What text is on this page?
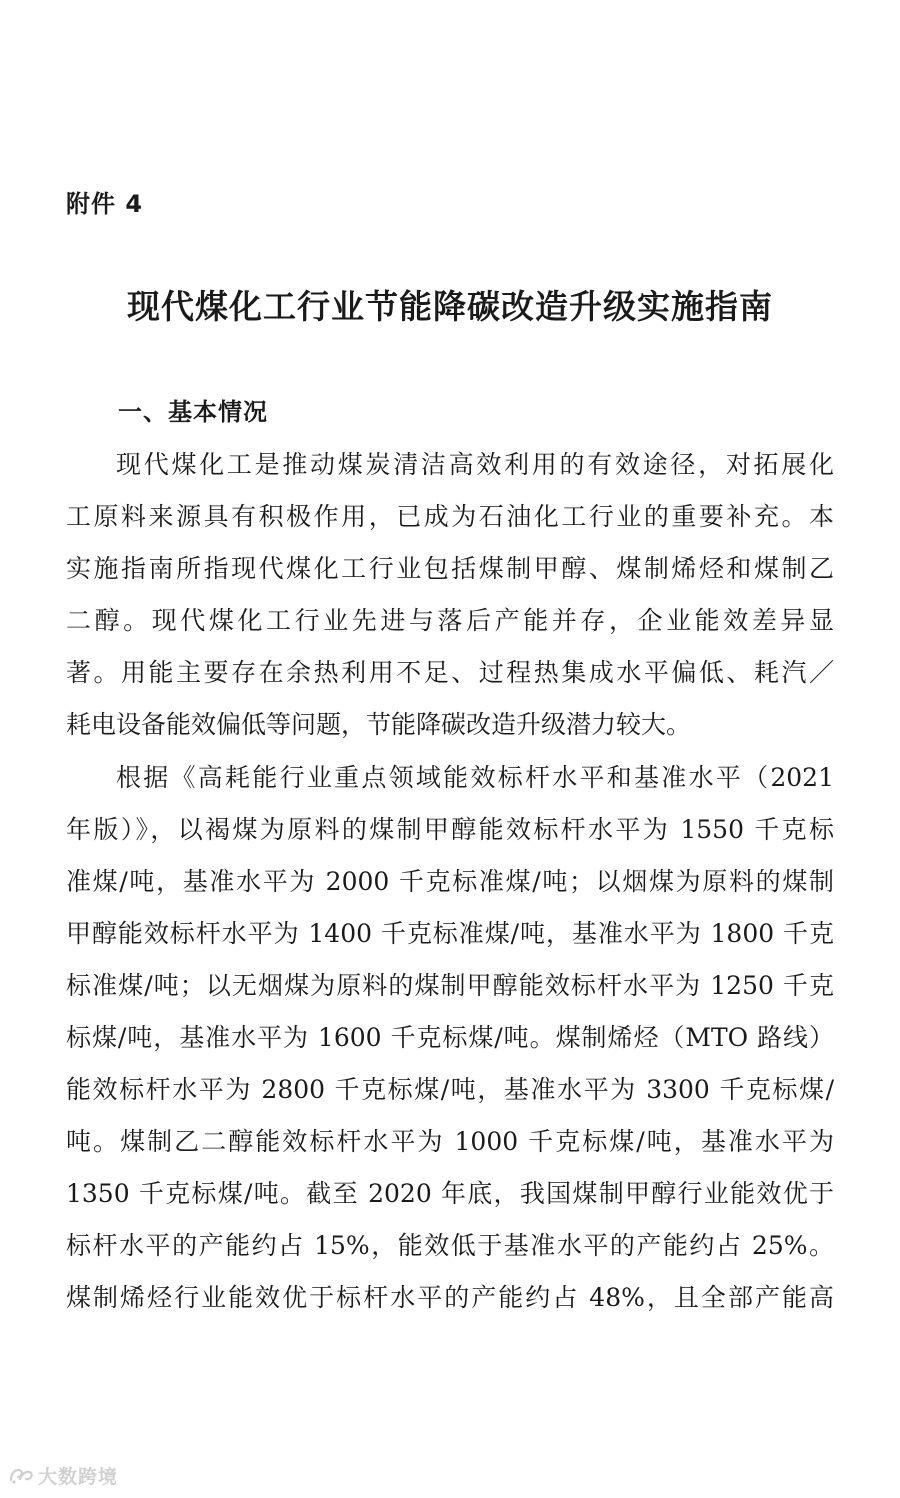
附件 4
现代煤化工行业节能降碳改造升级实施指南
一、基本情况
现代煤化工是推动煤炭清洁高效利用的有效途径，对拓展化
工原料来源具有积极作用，已成为石油化工行业的重要补充。本
实施指南所指现代煤化工行业包括煤制甲醇、煤制烯烃和煤制乙
二醇。现代煤化工行业先进与落后产能并存，企业能效差异显
著。用能主要存在余热利用不足、过程热集成水平偏低、耗汽／
耗电设备能效偏低等问题，节能降碳改造升级潜力较大。
根据《高耗能行业重点领域能效标杆水平和基准水平（2021
年版）》，以褐煤为原料的煤制甲醇能效标杆水平为 1550 千克标
准煤/吨，基准水平为 2000 千克标准煤/吨；以烟煤为原料的煤制
甲醇能效标杆水平为 1400 千克标准煤/吨，基准水平为 1800 千克
标准煤/吨；以无烟煤为原料的煤制甲醇能效标杆水平为 1250 千克
标煤/吨，基准水平为 1600 千克标煤/吨。煤制烯烃（MTO 路线）
能效标杆水平为 2800 千克标煤/吨，基准水平为 3300 千克标煤/
吨。煤制乙二醇能效标杆水平为 1000 千克标煤/吨，基准水平为
1350 千克标煤/吨。截至 2020 年底，我国煤制甲醇行业能效优于
标杆水平的产能约占 15%，能效低于基准水平的产能约占 25%。
煤制烯烃行业能效优于标杆水平的产能约占 48%，且全部产能高
大数跨境
